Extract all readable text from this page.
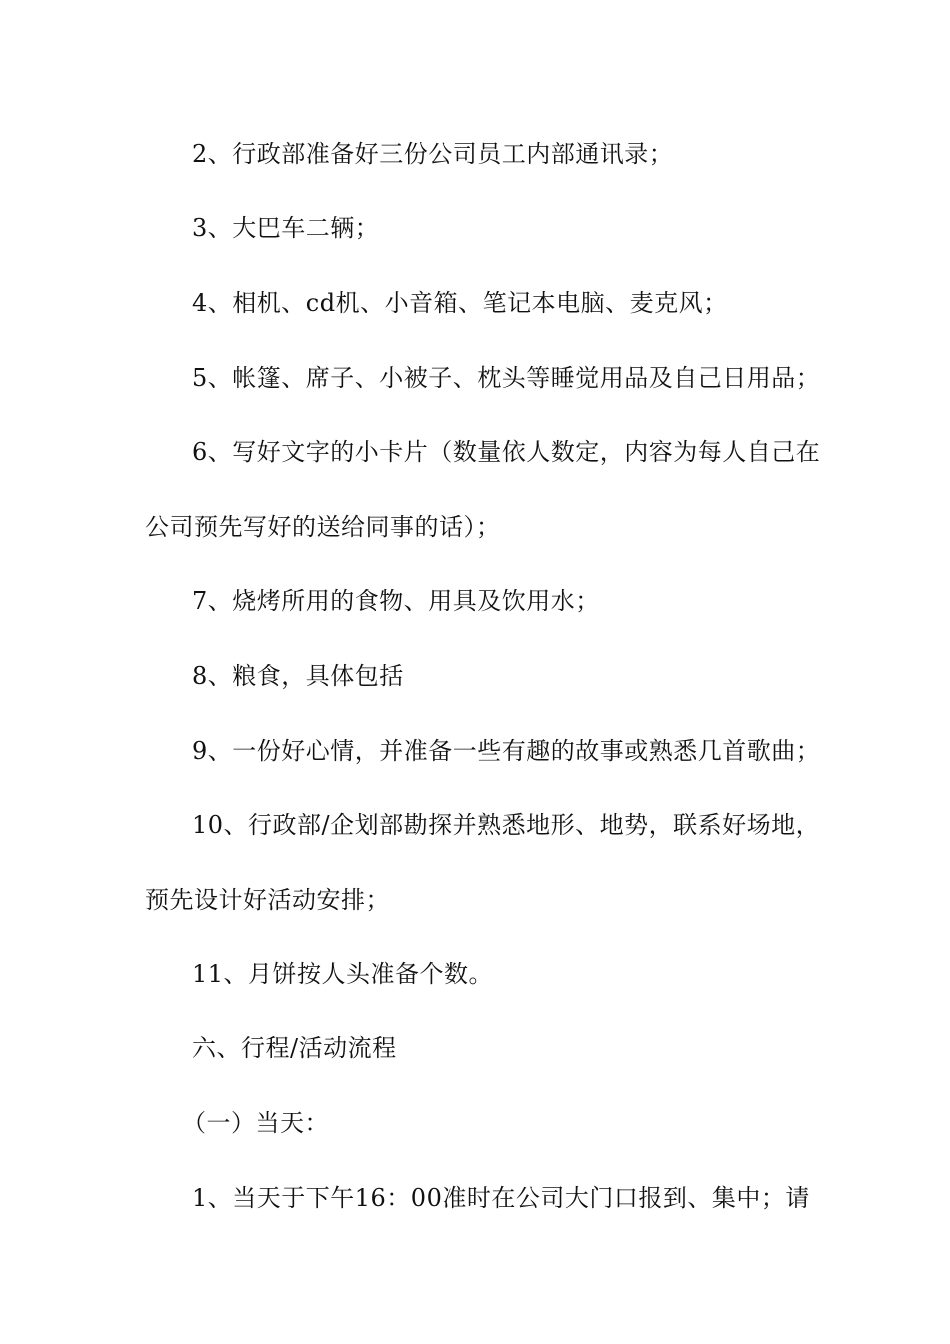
2、行政部准备好三份公司员工内部通讯录；
3、大巴车二辆；
4、相机、cd机、小音箱、笔记本电脑、麦克风；
5、帐篷、席子、小被子、枕头等睡觉用品及自己日用品；
6、写好文字的小卡片（数量依人数定，内容为每人自己在
公司预先写好的送给同事的话）；
7、烧烤所用的食物、用具及饮用水；
8、粮食，具体包括
9、一份好心情，并准备一些有趣的故事或熟悉几首歌曲；
10、行政部/企划部勘探并熟悉地形、地势，联系好场地，
预先设计好活动安排；
11、月饼按人头准备个数。
六、行程/活动流程
（一）当天：
1、当天于下午16：00准时在公司大门口报到、集中；请
